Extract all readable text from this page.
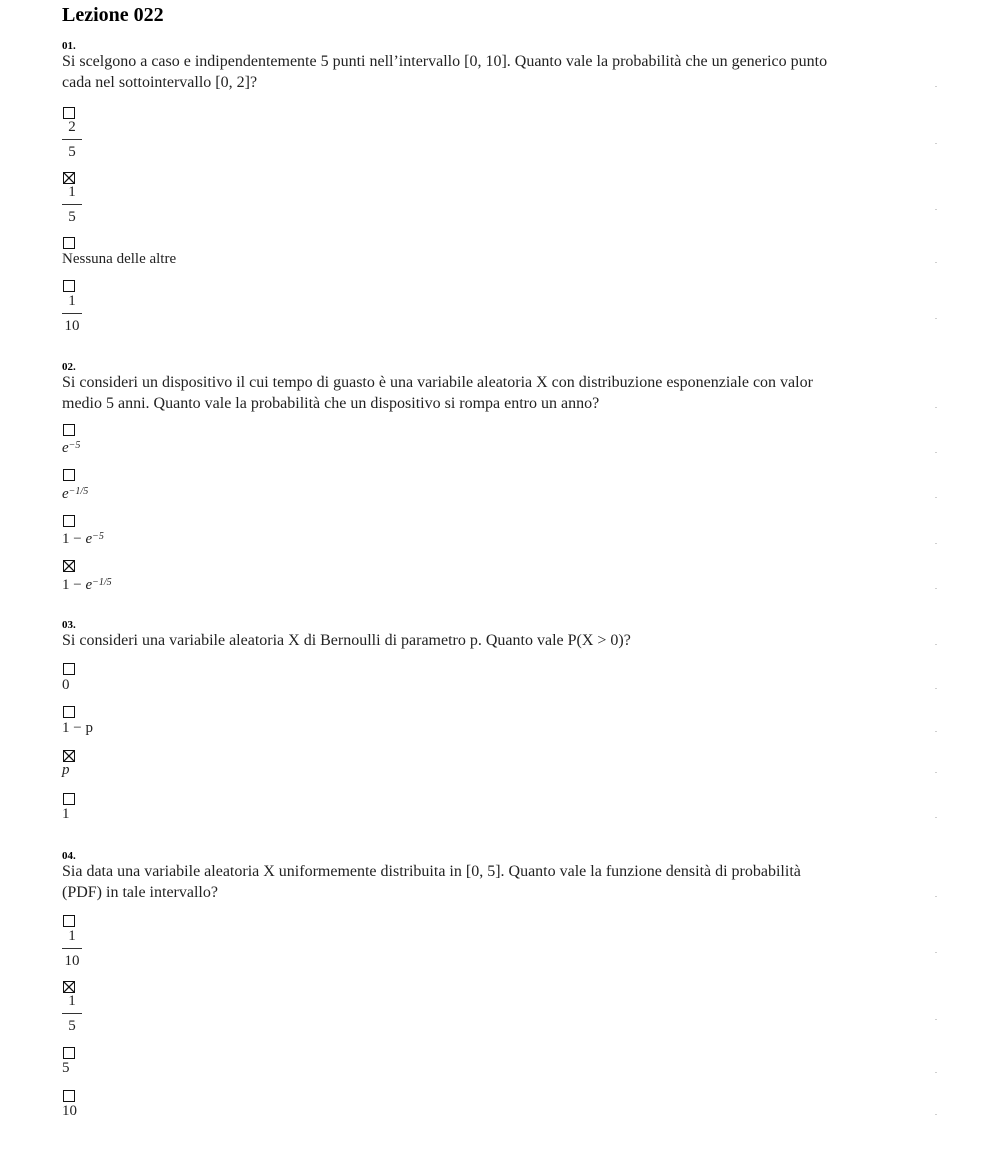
Lezione 022
01.
Si scelgono a caso e indipendentemente 5 punti nell’intervallo [0, 10]. Quanto vale la probabilità che un generico punto
cada nel sottointervallo [0, 2]?
2
5
1
5
Nessuna delle altre
1
10
02.
Si consideri un dispositivo il cui tempo di guasto è una variabile aleatoria X con distribuzione esponenziale con valor
medio 5 anni. Quanto vale la probabilità che un dispositivo si rompa entro un anno?
$e^{-5}$
$e^{-1/5}$
$1 - e^{-5}$
$1 - e^{-1/5}$
03.
Si consideri una variabile aleatoria X di Bernoulli di parametro p. Quanto vale P(X > 0)?
0
1 − p
p
1
04.
Sia data una variabile aleatoria X uniformemente distribuita in [0, 5]. Quanto vale la funzione densità di probabilità
(PDF) in tale intervallo?
1
10
1
5
5
10
